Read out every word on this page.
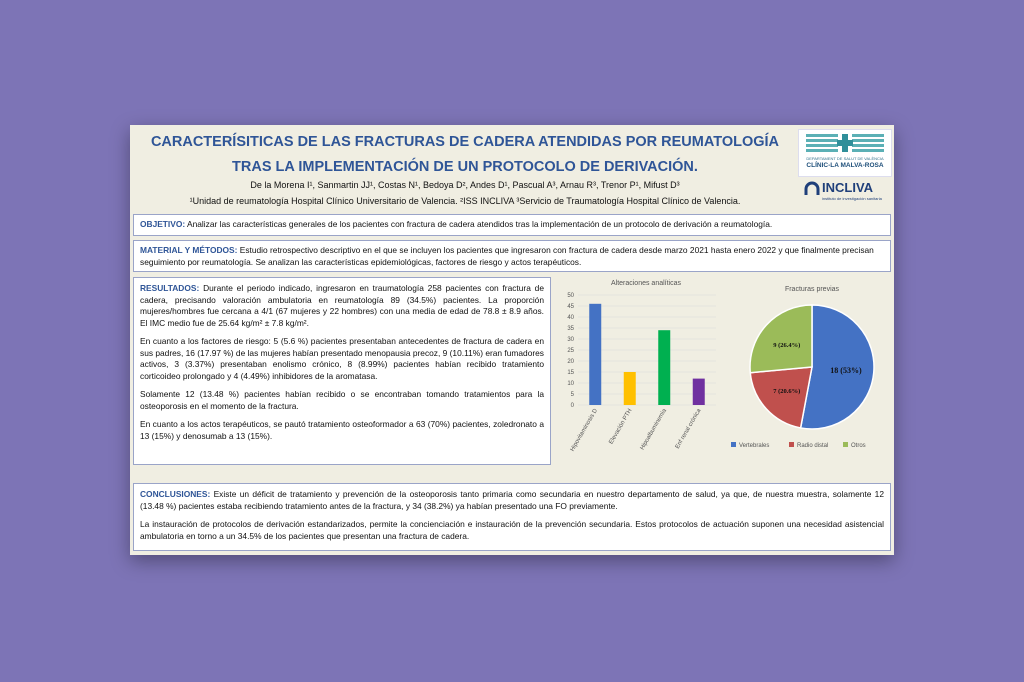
CARACTERÍSITICAS DE LAS FRACTURAS DE CADERA ATENDIDAS POR REUMATOLOGÍA
TRAS LA IMPLEMENTACIÓN DE UN PROTOCOLO DE DERIVACIÓN.
De la Morena I¹, Sanmartin JJ¹, Costas N¹, Bedoya D², Andes D¹, Pascual A³, Arnau R³, Trenor P¹, Mifust D³
¹Unidad de reumatología Hospital Clínico Universitario de Valencia. ²ISS INCLIVA ³Servicio de Traumatología Hospital Clínico de Valencia.
DEPARTAMENT DE SALUT DE VALÈNCIA
CLÍNIC-LA MALVA-ROSA
INCLIVA
instituto de investigación sanitaria
OBJETIVO: Analizar las características generales de los pacientes con fractura de cadera atendidos tras la implementación de un protocolo de derivación a reumatología.
MATERIAL Y MÉTODOS: Estudio retrospectivo descriptivo en el que se incluyen los pacientes que ingresaron con fractura de cadera desde marzo 2021 hasta enero 2022 y que finalmente precisan seguimiento por reumatología. Se analizan las características epidemiológicas, factores de riesgo y actos terapéuticos.

RESULTADOS: Durante el periodo indicado, ingresaron en traumatología 258 pacientes con fractura de cadera, precisando valoración ambulatoria en reumatología 89 (34.5%) pacientes. La proporción mujeres/hombres fue cercana a 4/1 (67 mujeres y 22 hombres) con una media de edad de 78.8 ± 8.9 años. El IMC medio fue de 25.64 kg/m² ± 7.8 kg/m².

En cuanto a los factores de riesgo: 5 (5.6 %) pacientes presentaban antecedentes de fractura de cadera en sus padres, 16 (17.97 %) de las mujeres habían presentado menopausia precoz, 9 (10.11%) eran fumadores activos, 3 (3.37%) presentaban enolismo crónico, 8 (8.99%) pacientes habían recibido tratamiento corticoideo prolongado y 4 (4.49%) inhibidores de la aromatasa.

Solamente 12 (13.48 %) pacientes habían recibido o se encontraban tomando tratamientos para la osteoporosis en el momento de la fractura.

En cuanto a los actos terapéuticos, se pautó tratamiento osteoformador a 63 (70%) pacientes, zoledronato a 13 (15%) y denosumab a 13 (15%).

Alteraciones analíticas
0
5
10
15
20
25
30
35
40
45
50
Hipovitaminosis D Elevación PTH Hipoalbuminemia Enf renal crónica
Fracturas previas
18 (53%)
7 (20.6%)
9 (26.4%)
Vertebrales	Radio distal	Otros

CONCLUSIONES: Existe un déficit de tratamiento y prevención de la osteoporosis tanto primaria como secundaria en nuestro departamento de salud, ya que, de nuestra muestra, solamente 12 (13.48 %) pacientes estaba recibiendo tratamiento antes de la fractura, y 34 (38.2%) ya habían presentado una FO previamente.

La instauración de protocolos de derivación estandarizados, permite la concienciación e instauración de la prevención secundaria. Estos protocolos de actuación suponen una necesidad asistencial ambulatoria en torno a un 34.5% de los pacientes que presentan una fractura de cadera.
